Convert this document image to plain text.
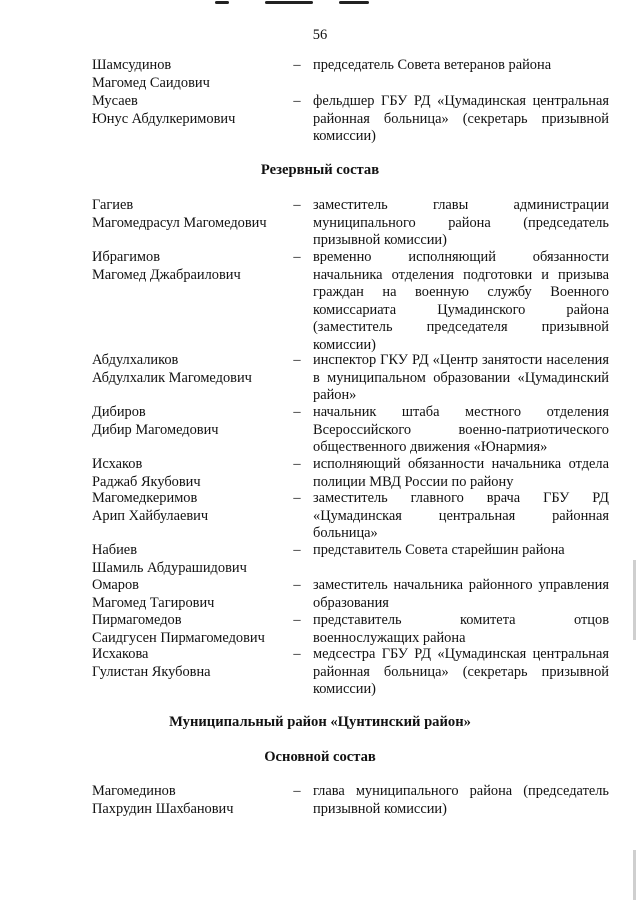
56
Шамсудинов
Магомед Саидович
– председатель Совета ветеранов района
Мусаев
Юнус Абдулкеримович
– фельдшер ГБУ РД «Цумадинская центральная районная больница» (секретарь призывной комиссии)
Резервный состав
Гагиев
Магомедрасул Магомедович
– заместитель главы администрации муниципального района (председатель призывной комиссии)
Ибрагимов
Магомед Джабраилович
– временно исполняющий обязанности начальника отделения подготовки и призыва граждан на военную службу Военного комиссариата Цумадинского района (заместитель председателя призывной комиссии)
Абдулхаликов
Абдулхалик Магомедович
– инспектор ГКУ РД «Центр занятости населения в муниципальном образовании «Цумадинский район»
Дибиров
Дибир Магомедович
– начальник штаба местного отделения Всероссийского военно-патриотического общественного движения «Юнармия»
Исхаков
Раджаб Якубович
– исполняющий обязанности начальника отдела полиции МВД России по району
Магомедкеримов
Арип Хайбулаевич
– заместитель главного врача ГБУ РД «Цумадинская центральная районная больница»
Набиев
Шамиль Абдурашидович
– представитель Совета старейшин района
Омаров
Магомед Тагирович
– заместитель начальника районного управления образования
Пирмагомедов
Саидгусен Пирмагомедович
– представитель комитета отцов военнослужащих района
Исхакова
Гулистан Якубовна
– медсестра ГБУ РД «Цумадинская центральная районная больница» (секретарь призывной комиссии)
Муниципальный район «Цунтинский район»
Основной состав
Магомединов
Пахрудин Шахбанович
– глава муниципального района (председатель призывной комиссии)
